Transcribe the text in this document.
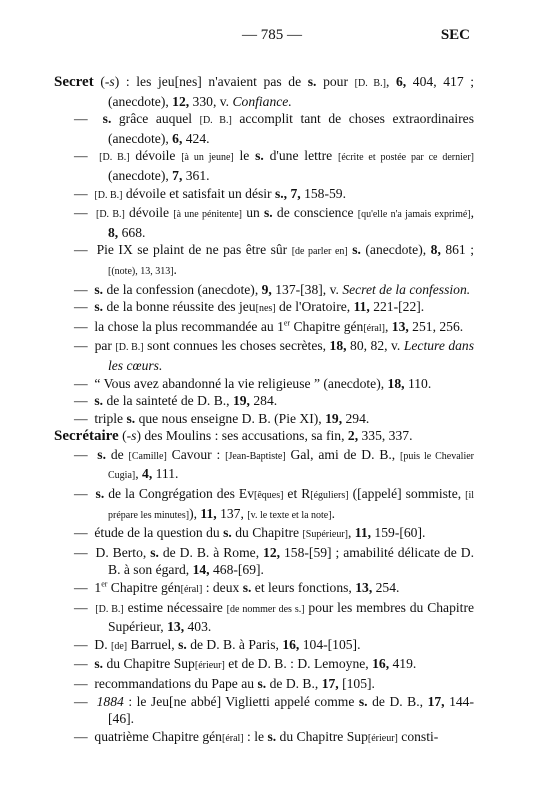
— 785 —	SEC
Secret (-s) : les jeu[nes] n'avaient pas de s. pour [D. B.], 6, 404, 417 ; (anecdote), 12, 330, v. Confiance.
—  s. grâce auquel [D. B.] accomplit tant de choses extraordinaires (anecdote), 6, 424.
—  [D. B.] dévoile [à un jeune] le s. d'une lettre [écrite et postée par ce dernier] (anecdote), 7, 361.
—  [D. B.] dévoile et satisfait un désir s., 7, 158-59.
—  [D. B.] dévoile [à une pénitente] un s. de conscience [qu'elle n'a jamais exprimé], 8, 668.
—  Pie IX se plaint de ne pas être sûr [de parler en] s. (anecdote), 8, 861 ; [(note), 13, 313].
—  s. de la confession (anecdote), 9, 137-[38], v. Secret de la confession.
—  s. de la bonne réussite des jeu[nes] de l'Oratoire, 11, 221-[22].
—  la chose la plus recommandée au 1er Chapitre gén[éral], 13, 251, 256.
—  par [D. B.] sont connues les choses secrètes, 18, 80, 82, v. Lecture dans les cœurs.
—  “ Vous avez abandonné la vie religieuse ” (anecdote), 18, 110.
—  s. de la sainteté de D. B., 19, 284.
—  triple s. que nous enseigne D. B. (Pie XI), 19, 294.
Secrétaire (-s) des Moulins : ses accusations, sa fin, 2, 335, 337.
—  s. de [Camille] Cavour : [Jean-Baptiste] Gal, ami de D. B., [puis le Chevalier Cugia], 4, 111.
—  s. de la Congrégation des Ev[êques] et R[éguliers] ([appelé] sommiste, [il prépare les minutes]), 11, 137, [v. le texte et la note].
—  étude de la question du s. du Chapitre [Supérieur], 11, 159-[60].
—  D. Berto, s. de D. B. à Rome, 12, 158-[59] ; amabilité délicate de D. B. à son égard, 14, 468-[69].
—  1er Chapitre gén[éral] : deux s. et leurs fonctions, 13, 254.
—  [D. B.] estime nécessaire [de nommer des s.] pour les membres du Chapitre Supérieur, 13, 403.
—  D. [de] Barruel, s. de D. B. à Paris, 16, 104-[105].
—  s. du Chapitre Sup[érieur] et de D. B. : D. Lemoyne, 16, 419.
—  recommandations du Pape au s. de D. B., 17, [105].
—  1884 : le Jeu[ne abbé] Viglietti appelé comme s. de D. B., 17, 144-[46].
—  quatrième Chapitre gén[éral] : le s. du Chapitre Sup[érieur] consti-
